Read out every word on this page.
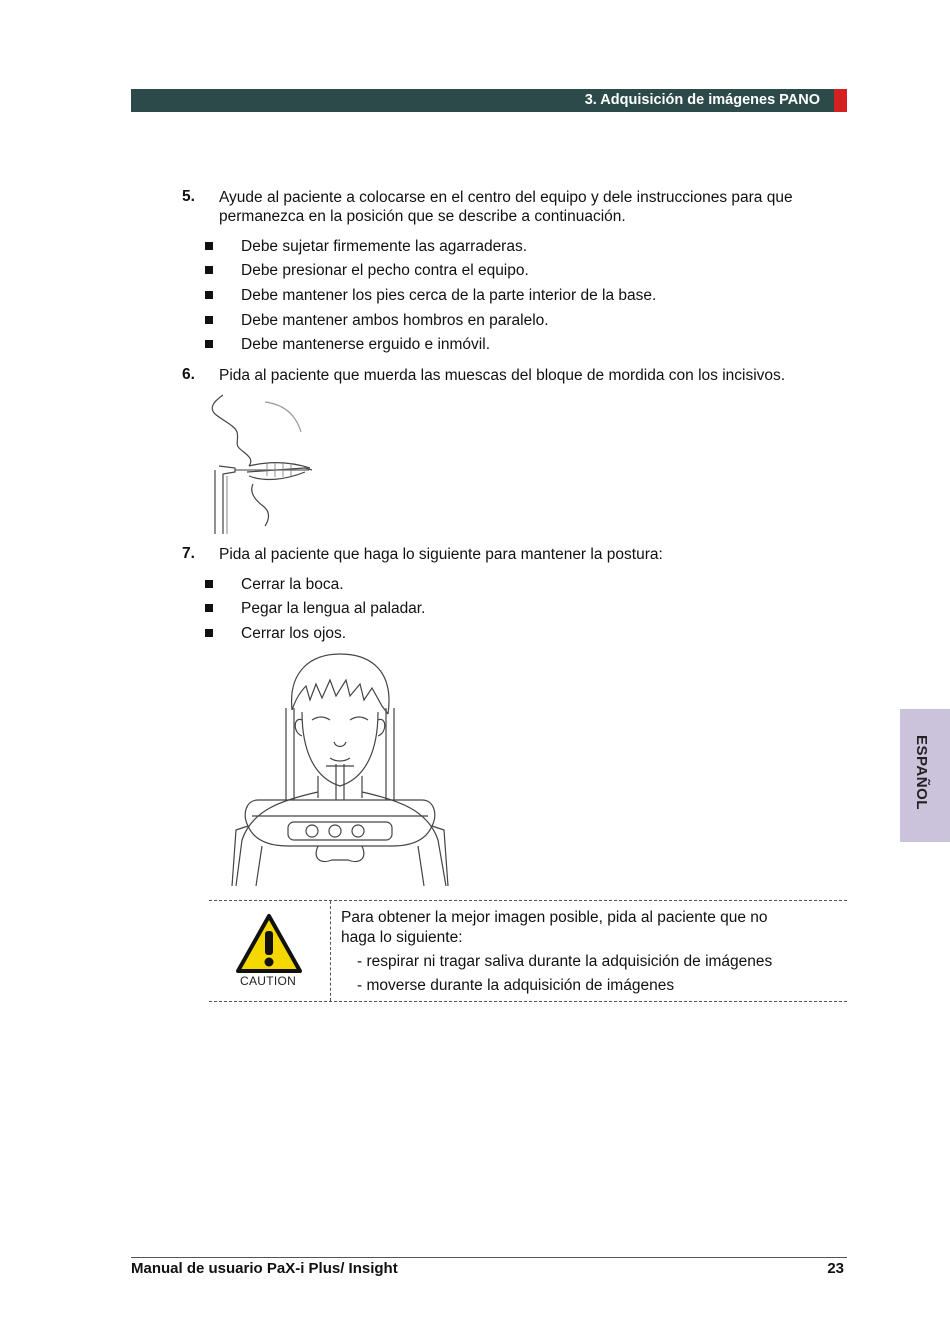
3. Adquisición de imágenes PANO
5. Ayude al paciente a colocarse en el centro del equipo y dele instrucciones para que
permanezca en la posición que se describe a continuación.
Debe sujetar firmemente las agarraderas.
Debe presionar el pecho contra el equipo.
Debe mantener los pies cerca de la parte interior de la base.
Debe mantener ambos hombros en paralelo.
Debe mantenerse erguido e inmóvil.
6. Pida al paciente que muerda las muescas del bloque de mordida con los incisivos.
7. Pida al paciente que haga lo siguiente para mantener la postura:
Cerrar la boca.
Pegar la lengua al paladar.
Cerrar los ojos.
CAUTION
Para obtener la mejor imagen posible, pida al paciente que no
haga lo siguiente:
- respirar ni tragar saliva durante la adquisición de imágenes
- moverse durante la adquisición de imágenes
ESPAÑOL
Manual de usuario PaX-i Plus/ Insight	23
